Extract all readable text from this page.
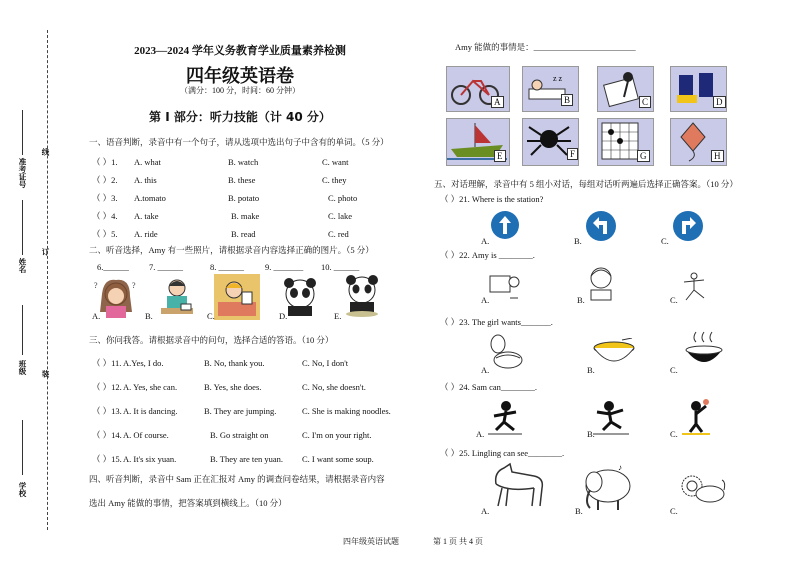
准考证号
姓名
班级
学校
线
订
装
2023—2024 学年义务教育学业质量素养检测
四年级英语卷
（满分：100 分，时间：60 分钟）
第 I 部分：听力技能（计 40 分）
一、语音判断，录音中有一个句子，请从选项中选出句子中含有的单词。（5 分）
（ ）1. A. what	B. watch	C. want
（ ）2. A. this	B. these	C. they
（ ）3. A.tomato	B. potato	C. photo
（ ）4. A. take	B. make	C. lake
（ ）5. A. ride	B. read	C. red
二、听音选择，Amy 有一些照片，请根据录音内容选择正确的图片。（5 分）
6.______ 7. ______	8. ______ 9. _______ 10. ______
?	?
A.	B.	C.	D.	E.
三、你问我答。请根据录音中的问句，选择合适的答语。（10 分）
（ ）11. A.Yes, I do.	B. No, thank you.	C. No, I don't
（ ）12. A. Yes, she can.	B. Yes, she does.	C. No, she doesn't.
（ ）13. A. It is dancing.	B. They are jumping.	C. She is making noodles.
（ ）14. A. Of course.	B. Go straight on	C. I'm on your right.
（ ）15. A. It's six yuan.	B. They are ten yuan. C. I want some soup.
四、听音判断，录音中 Sam 正在汇报对 Amy 的调查问卷结果，请根据录音内容
选出 Amy 能做的事情，把答案填到横线上。（10 分）
Amy 能做的事情是：________________________
A
z z
B	C	D
E	F	G	H
五、对话理解，录音中有 5 组小对话，每组对话听两遍后选择正确答案。（10 分）
（ ）21. Where is the station?
A.	B.	C.
（ ）22. Amy is ________.
A.	B.	C.
（ ）23. The girl wants_______.
A.	B.	C.
（ ）24. Sam can________.
A.	B.	C.
（ ）25. Lingling can see________.
A.	B.
♪
C.
四年级英语试题	第 1 页 共 4 页
